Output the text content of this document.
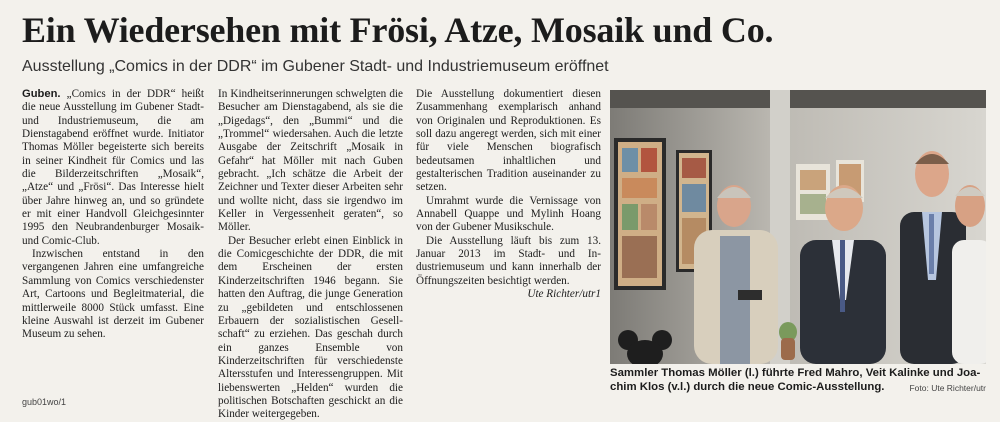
Ein Wiedersehen mit Frösi, Atze, Mosaik und Co.

Ausstellung „Comics in der DDR“ im Gubener Stadt- und Industriemuseum eröffnet

Guben. „Comics in der DDR“ heißt die neue Ausstellung im Gubener Stadt- und Industriemuseum, die am Dienstagabend eröffnet wurde. Initiator Thomas Möller begeisterte sich bereits in seiner Kindheit für Comics und las die Bilderzeitschriften „Mosaik“, „Atze“ und „Frösi“. Das Interesse hielt über Jahre hinweg an, und so gründete er mit einer Handvoll Gleichgesinnter 1995 den Neubrandenburger Mosaik- und Comic-Club.

Inzwischen entstand in den vergangenen Jahren eine umfangreiche Sammlung von Comics verschiedenster Art, Cartoons und Begleitmaterial, die mittlerweile 8000 Stück umfasst. Eine kleine Auswahl ist derzeit im Gubener Museum zu sehen.

In Kindheitserinnerungen schwelgten die Besucher am Dienstagabend, als sie die „Digedags“, den „Bummi“ und die „Trommel“ wiedersahen. Auch die letzte Ausgabe der Zeitschrift „Mosaik in Gefahr“ hat Möller mit nach Guben gebracht. „Ich schätze die Arbeit der Zeichner und Texter dieser Arbeiten sehr und wollte nicht, dass sie irgendwo im Keller in Vergessenheit geraten“, so Möller.

Der Besucher erlebt einen Einblick in die Comicgeschichte der DDR, die mit dem Erscheinen der ersten Kinderzeitschriften 1946 begann. Sie hatten den Auftrag, die junge Generation zu „gebildeten und entschlossenen Erbauern der sozialistischen Gesellschaft“ zu erziehen. Das geschah durch ein ganzes Ensemble von Kinderzeitschriften für verschiedenste Altersstufen und Interessengruppen. Mit liebenswerten „Helden“ wurden die politischen Botschaften geschickt an die Kinder weitergegeben.

Die Ausstellung dokumentiert diesen Zusammenhang exemplarisch anhand von Originalen und Reproduktionen. Es soll dazu angeregt werden, sich mit einer für viele Menschen biografisch bedeutsamen inhaltlichen und gestalterischen Tradition auseinander zu setzen.

Umrahmt wurde die Vernissage von Annabell Quappe und Mylinh Hoang von der Gubener Musikschule.

Die Ausstellung läuft bis zum 13. Januar 2013 im Stadt- und Industriemuseum und kann innerhalb der Öffnungszeiten besichtigt werden.
Ute Richter/utr1

gub01wo/1

Sammler Thomas Möller (l.) führte Fred Mahro, Veit Kalinke und Joachim Klos (v.l.) durch die neue Comic-Ausstellung.	Foto: Ute Richter/utr
